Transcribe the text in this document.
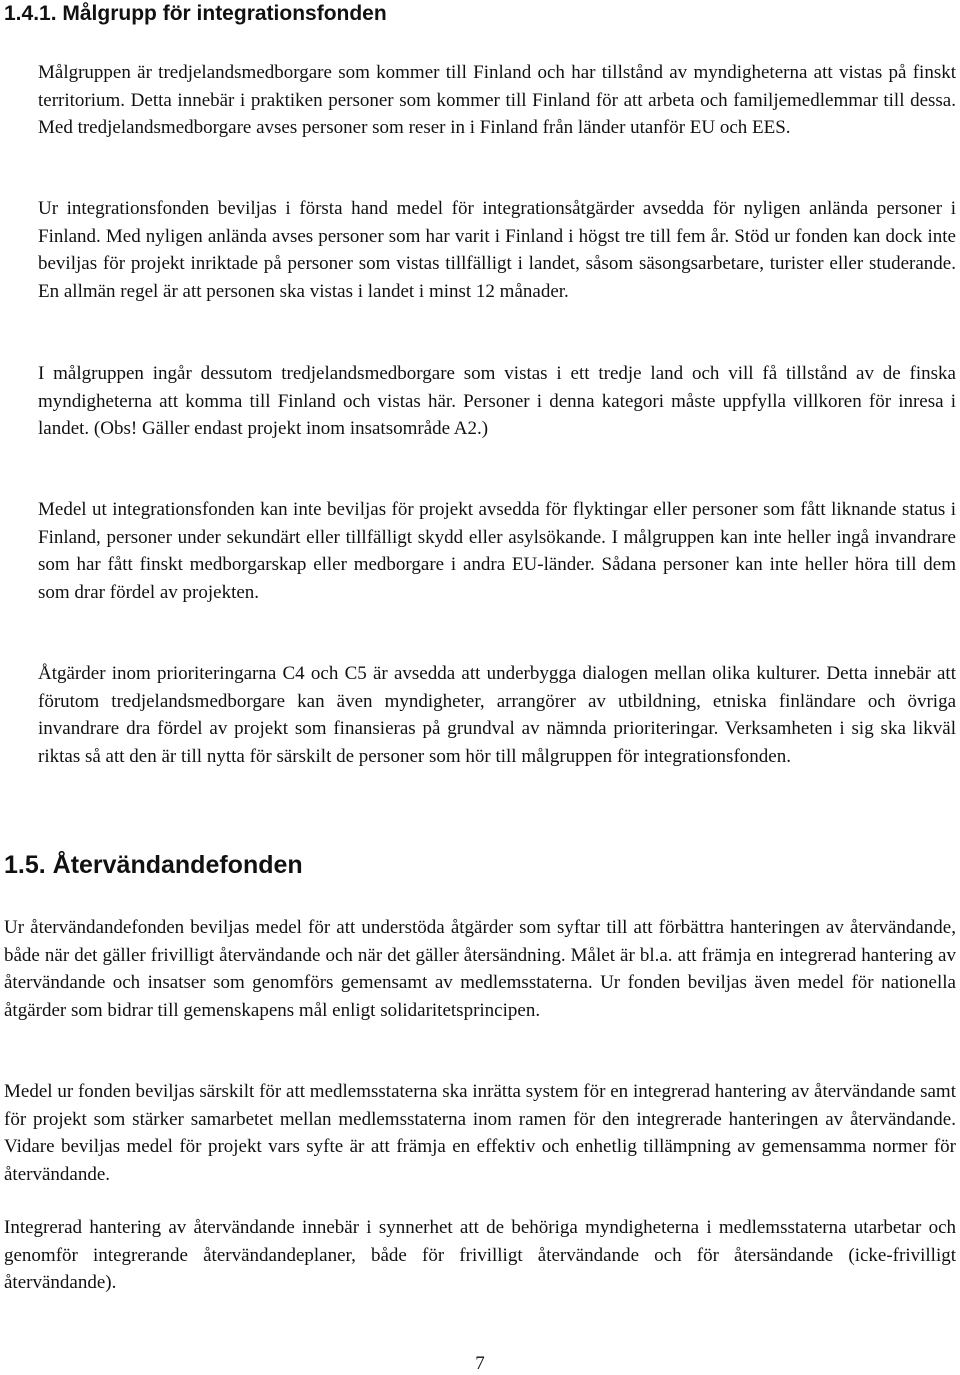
1.4.1. Målgrupp för integrationsfonden

Målgruppen är tredjelandsmedborgare som kommer till Finland och har tillstånd av myndigheterna att vistas på finskt territorium. Detta innebär i praktiken personer som kommer till Finland för att arbeta och familjemedlemmar till dessa. Med tredjelandsmedborgare avses personer som reser in i Finland från länder utanför EU och EES.

Ur integrationsfonden beviljas i första hand medel för integrationsåtgärder avsedda för nyligen anlända personer i Finland. Med nyligen anlända avses personer som har varit i Finland i högst tre till fem år. Stöd ur fonden kan dock inte beviljas för projekt inriktade på personer som vistas tillfälligt i landet, såsom säsongsarbetare, turister eller studerande. En allmän regel är att personen ska vistas i landet i minst 12 månader.

I målgruppen ingår dessutom tredjelandsmedborgare som vistas i ett tredje land och vill få tillstånd av de finska myndigheterna att komma till Finland och vistas här. Personer i denna kategori måste uppfylla villkoren för inresa i landet. (Obs! Gäller endast projekt inom insatsområde A2.)

Medel ut integrationsfonden kan inte beviljas för projekt avsedda för flyktingar eller personer som fått liknande status i Finland, personer under sekundärt eller tillfälligt skydd eller asylsökande. I målgruppen kan inte heller ingå invandrare som har fått finskt medborgarskap eller medborgare i andra EU-länder. Sådana personer kan inte heller höra till dem som drar fördel av projekten.

Åtgärder inom prioriteringarna C4 och C5 är avsedda att underbygga dialogen mellan olika kulturer. Detta innebär att förutom tredjelandsmedborgare kan även myndigheter, arrangörer av utbildning, etniska finländare och övriga invandrare dra fördel av projekt som finansieras på grundval av nämnda prioriteringar. Verksamheten i sig ska likväl riktas så att den är till nytta för särskilt de personer som hör till målgruppen för integrationsfonden.

1.5. Återvändandefonden

Ur återvändandefonden beviljas medel för att understöda åtgärder som syftar till att förbättra hanteringen av återvändande, både när det gäller frivilligt återvändande och när det gäller återsändning. Målet är bl.a. att främja en integrerad hantering av återvändande och insatser som genomförs gemensamt av medlemsstaterna. Ur fonden beviljas även medel för nationella åtgärder som bidrar till gemenskapens mål enligt solidaritetsprincipen.

Medel ur fonden beviljas särskilt för att medlemsstaterna ska inrätta system för en integrerad hantering av återvändande samt för projekt som stärker samarbetet mellan medlemsstaterna inom ramen för den integrerade hanteringen av återvändande. Vidare beviljas medel för projekt vars syfte är att främja en effektiv och enhetlig tillämpning av gemensamma normer för återvändande.

Integrerad hantering av återvändande innebär i synnerhet att de behöriga myndigheterna i medlemsstaterna utarbetar och genomför integrerande återvändandeplaner, både för frivilligt återvändande och för återsändande (icke-frivilligt återvändande).

7
